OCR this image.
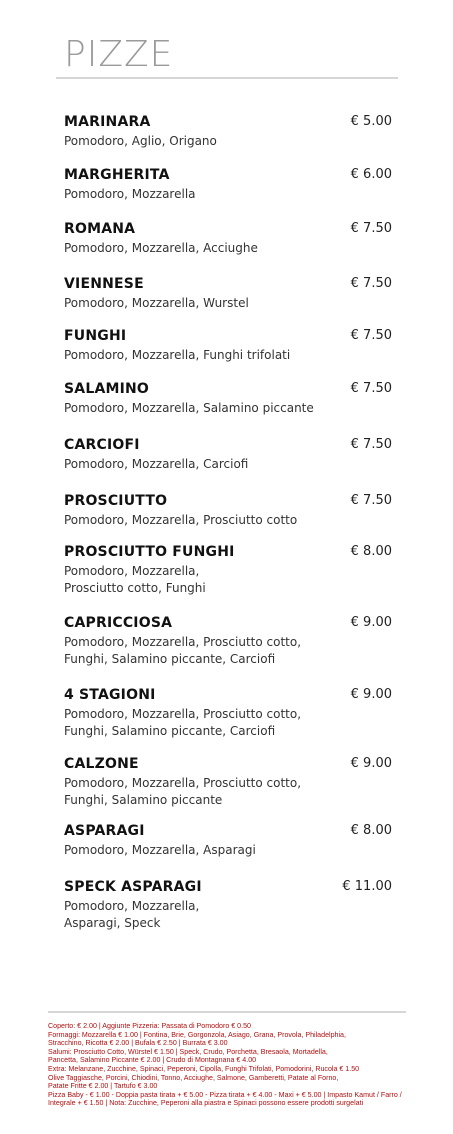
PIZZE
MARINARA
Pomodoro, Aglio, Origano
€ 5.00
MARGHERITA
Pomodoro, Mozzarella
€ 6.00
ROMANA
Pomodoro, Mozzarella, Acciughe
€ 7.50
VIENNESE
Pomodoro, Mozzarella, Wurstel
€ 7.50
FUNGHI
Pomodoro, Mozzarella, Funghi trifolati
€ 7.50
SALAMINO
Pomodoro, Mozzarella, Salamino piccante
€ 7.50
CARCIOFI
Pomodoro, Mozzarella, Carciofi
€ 7.50
PROSCIUTTO
Pomodoro, Mozzarella, Prosciutto cotto
€ 7.50
PROSCIUTTO FUNGHI
Pomodoro, Mozzarella, Prosciutto cotto, Funghi
€ 8.00
CAPRICCIOSA
Pomodoro, Mozzarella, Prosciutto cotto, Funghi, Salamino piccante, Carciofi
€ 9.00
4 STAGIONI
Pomodoro, Mozzarella, Prosciutto cotto, Funghi, Salamino piccante, Carciofi
€ 9.00
CALZONE
Pomodoro, Mozzarella, Prosciutto cotto, Funghi, Salamino piccante
€ 9.00
ASPARAGI
Pomodoro, Mozzarella, Asparagi
€ 8.00
SPECK ASPARAGI
Pomodoro, Mozzarella, Asparagi, Speck
€ 11.00
Coperto: € 2.00 | Aggiunte Pizzeria: Passata di Pomodoro € 0.50
Formaggi: Mozzarella € 1.00 | Fontina, Brie, Gorgonzola, Asiago, Grana, Provola, Philadelphia,
Stracchino, Ricotta € 2.00 | Bufala € 2.50 | Burrata € 3.00
Salumi: Prosciutto Cotto, Würstel € 1.50 | Speck, Crudo, Porchetta, Bresaola, Mortadella,
Pancetta, Salamino Piccante € 2.00 | Crudo di Montagnana € 4.00
Extra: Melanzane, Zucchine, Spinaci, Peperoni, Cipolla, Funghi Trifolati, Pomodorini, Rucola € 1.50
Olive Taggiasche, Porcini, Chiodini, Tonno, Acciughe, Salmone, Gamberetti, Patate al Forno,
Patate Fritte € 2.00 | Tartufo € 3.00
Pizza Baby - € 1.00 - Doppia pasta tirata + € 5.00 - Pizza tirata + € 4.00 - Maxi + € 5.00 | Impasto Kamut / Farro /
Integrale + € 1.50 | Nota: Zucchine, Peperoni alla piastra e Spinaci possono essere prodotti surgelati
